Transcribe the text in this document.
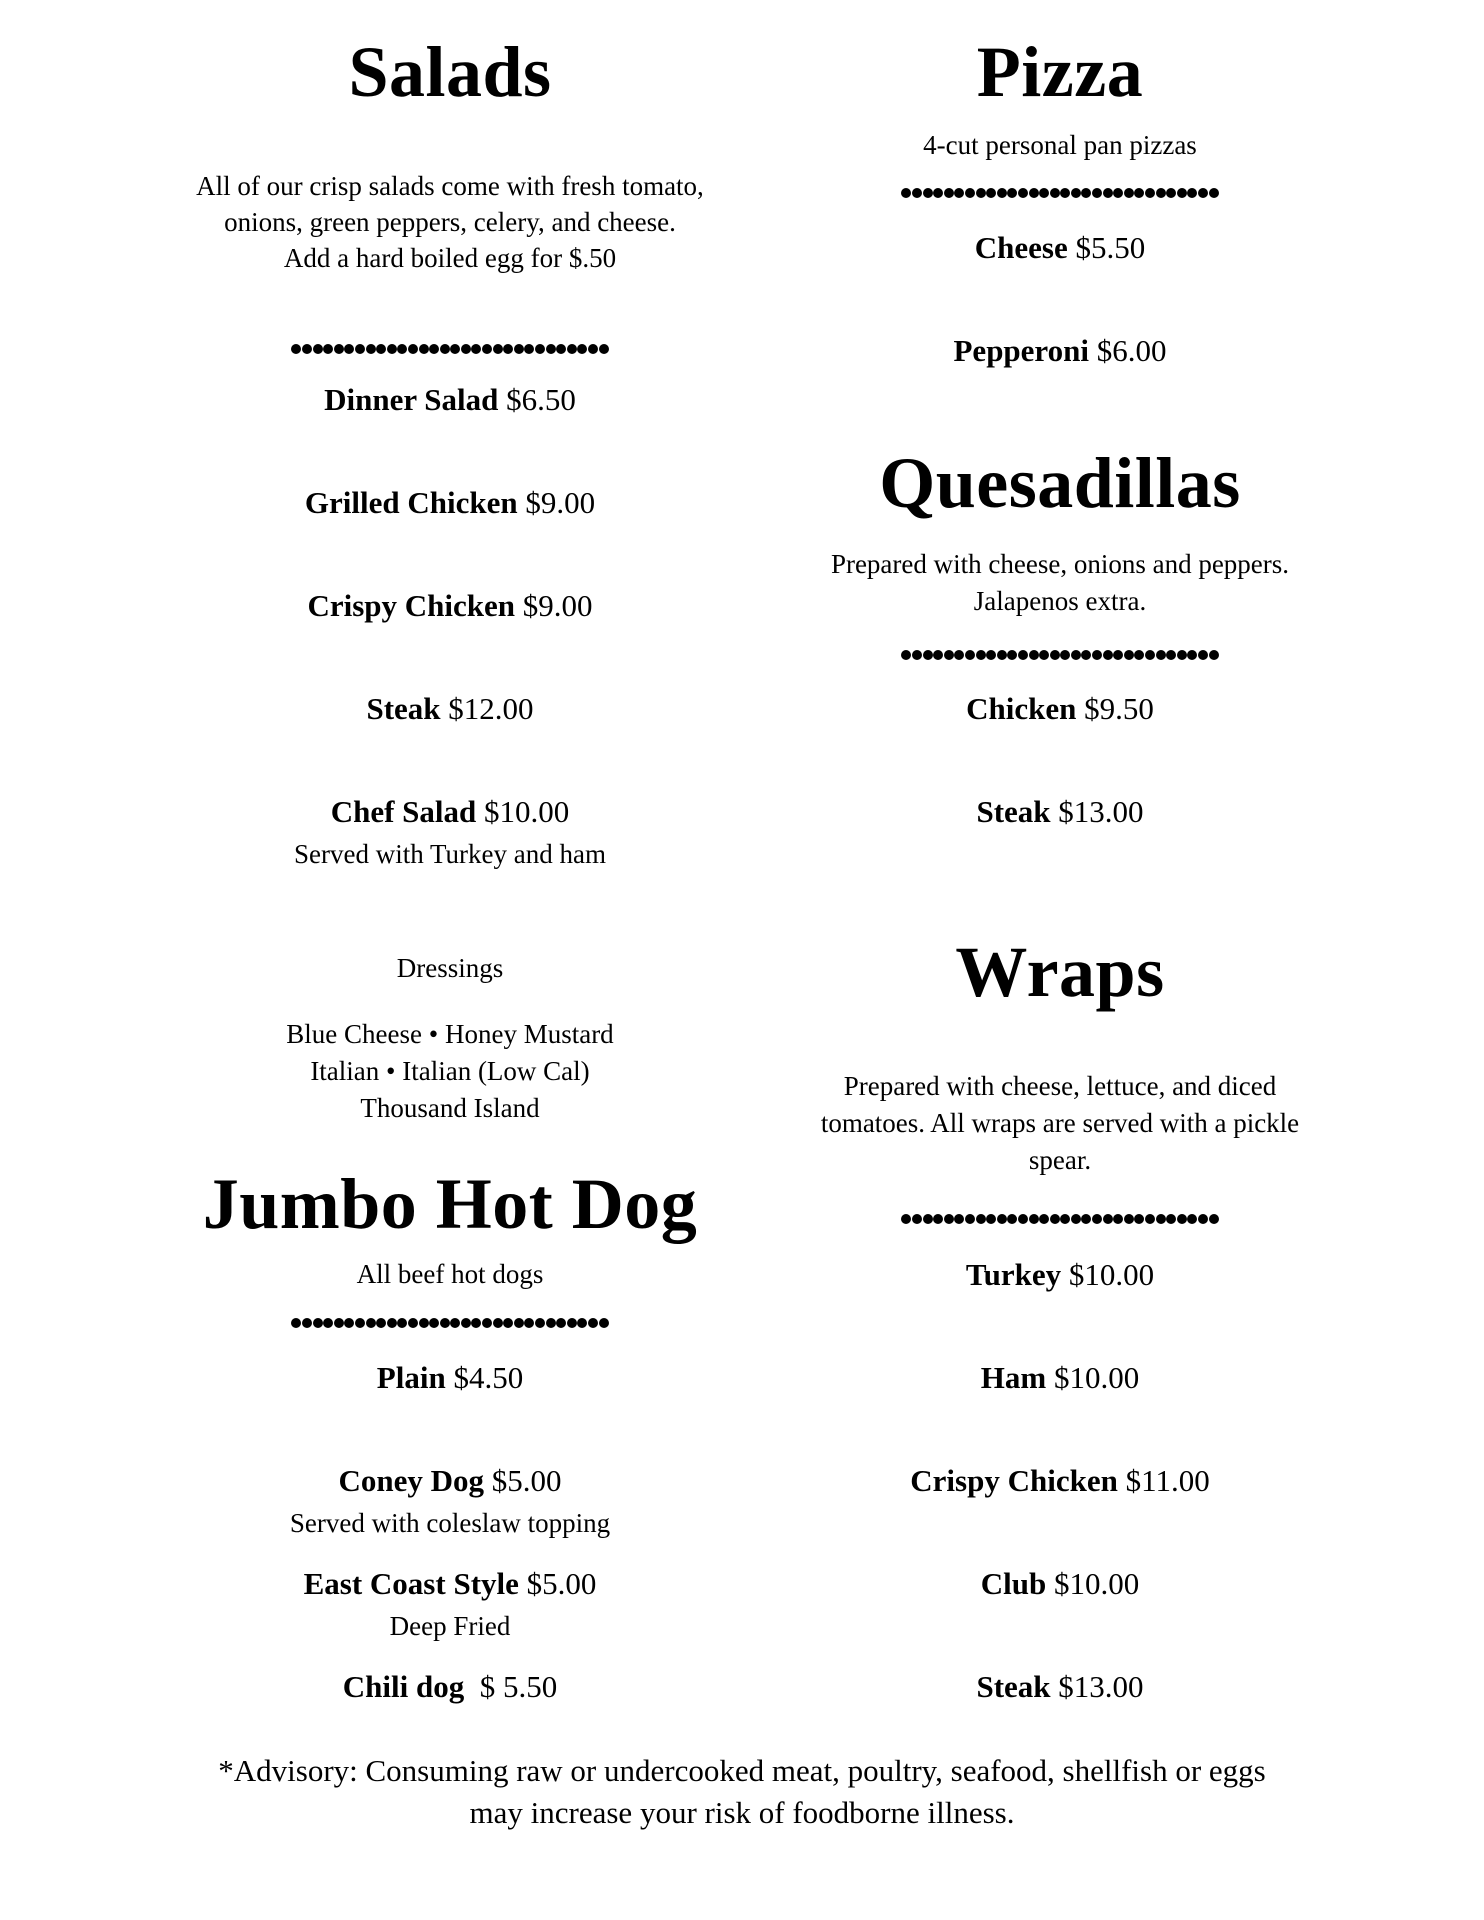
Salads
All of our crisp salads come with fresh tomato,
onions, green peppers, celery, and cheese.
Add a hard boiled egg for $.50
Dinner Salad $6.50
Grilled Chicken $9.00
Crispy Chicken $9.00
Steak $12.00
Chef Salad $10.00
Served with Turkey and ham
Dressings
Blue Cheese • Honey Mustard
Italian • Italian (Low Cal)
Thousand Island
Jumbo Hot Dog
All beef hot dogs
Plain $4.50
Coney Dog $5.00
Served with coleslaw topping
East Coast Style $5.00
Deep Fried
Chili dog  $ 5.50
Pizza
4-cut personal pan pizzas
Cheese $5.50
Pepperoni $6.00
Quesadillas
Prepared with cheese, onions and peppers.
Jalapenos extra.
Chicken $9.50
Steak $13.00
Wraps
Prepared with cheese, lettuce, and diced
tomatoes. All wraps are served with a pickle
spear.
Turkey $10.00
Ham $10.00
Crispy Chicken $11.00
Club $10.00
Steak $13.00
*Advisory: Consuming raw or undercooked meat, poultry, seafood, shellfish or eggs
may increase your risk of foodborne illness.
